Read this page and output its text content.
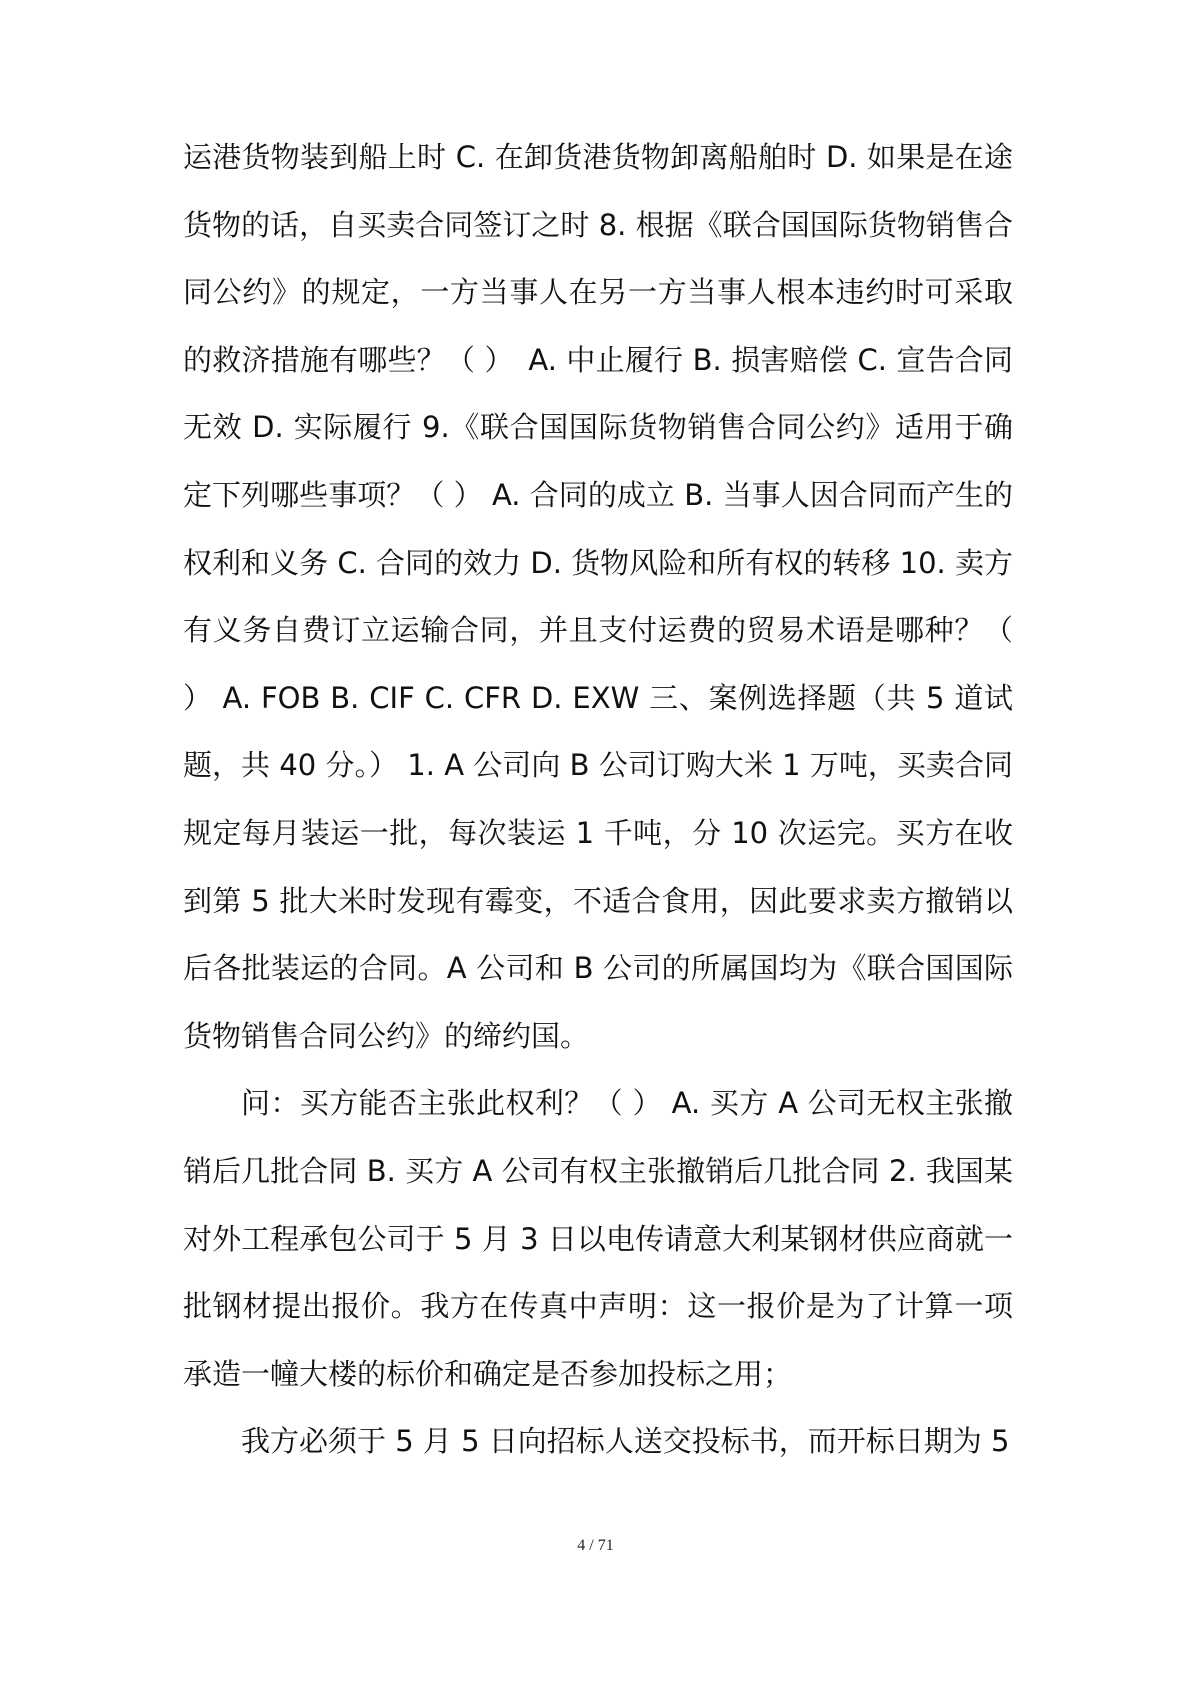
运港货物装到船上时 C. 在卸货港货物卸离船舶时 D. 如果是在途货物的话，自买卖合同签订之时 8. 根据《联合国国际货物销售合同公约》的规定，一方当事人在另一方当事人根本违约时可采取的救济措施有哪些？（ ）　A. 中止履行 B. 损害赔偿 C. 宣告合同无效 D. 实际履行 9.《联合国国际货物销售合同公约》适用于确定下列哪些事项？（ ） A. 合同的成立 B. 当事人因合同而产生的权利和义务 C. 合同的效力 D. 货物风险和所有权的转移 10. 卖方有义务自费订立运输合同，并且支付运费的贸易术语是哪种？（ ） A. FOB B. CIF C. CFR D. EXW 三、案例选择题（共 5 道试题，共 40 分。） 1. A 公司向 B 公司订购大米 1 万吨，买卖合同规定每月装运一批，每次装运 1 千吨，分 10 次运完。买方在收到第 5 批大米时发现有霉变，不适合食用，因此要求卖方撤销以后各批装运的合同。A 公司和 B 公司的所属国均为《联合国国际货物销售合同公约》的缔约国。

问：买方能否主张此权利？（ ） A. 买方 A 公司无权主张撤销后几批合同 B. 买方 A 公司有权主张撤销后几批合同 2. 我国某对外工程承包公司于 5 月 3 日以电传请意大利某钢材供应商就一批钢材提出报价。我方在传真中声明：这一报价是为了计算一项承造一幢大楼的标价和确定是否参加投标之用；

我方必须于 5 月 5 日向招标人送交投标书，而开标日期为 5

4 / 71
